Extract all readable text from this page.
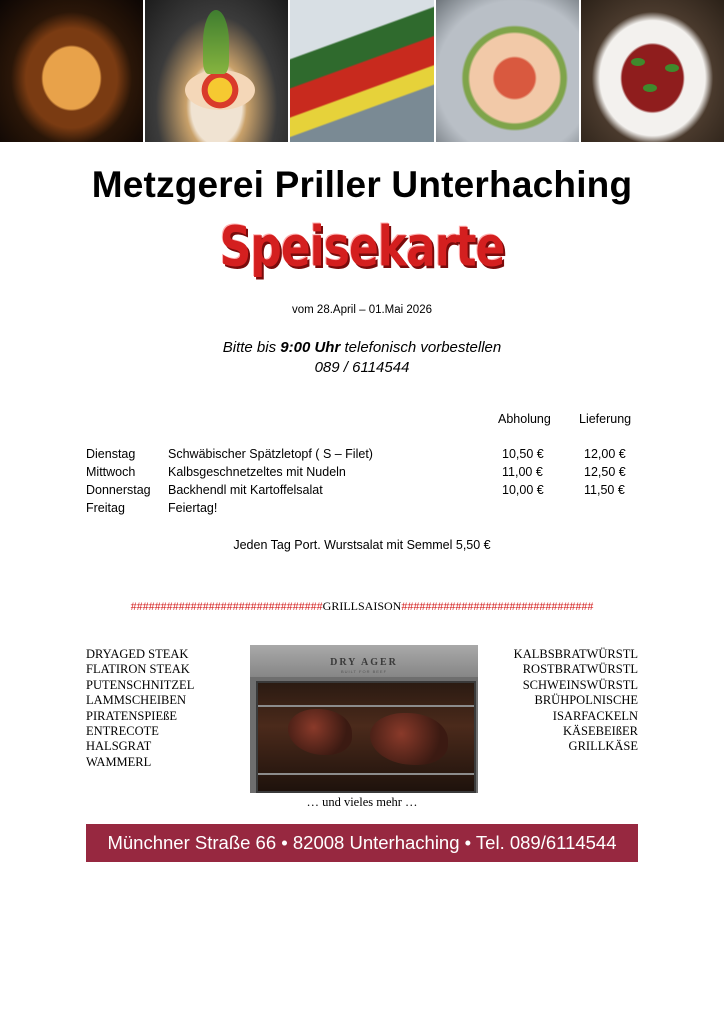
Metzgerei Priller Unterhaching
Speisekarte
vom 28.April – 01.Mai 2026
Bitte bis 9:00 Uhr telefonisch vorbestellen
089 / 6114544
Abholung Lieferung
Dienstag	Schwäbischer Spätzletopf ( S – Filet)	10,50 €	12,00 €
Mittwoch	Kalbsgeschnetzeltes mit Nudeln	11,00 €	12,50 €
Donnerstag Backhendl mit Kartoffelsalat	10,00 €	11,50 €
Freitag	Feiertag!
Jeden Tag Port. Wurstsalat mit Semmel 5,50 €
################################GRILLSAISON################################
DRYAGED STEAK
FLATIRON STEAK
PUTENSCHNITZEL
LAMMSCHEIBEN
PIRATENSPIEßE
ENTRECOTE
HALSGRAT
WAMMERL
DRY AGER
BUILT FOR BEEF
KALBSBRATWÜRSTL
ROSTBRATWÜRSTL
SCHWEINSWÜRSTL
BRÜHPOLNISCHE
ISARFACKELN
KÄSEBEIßER
GRILLKÄSE
… und vieles mehr …
Münchner Straße 66 • 82008 Unterhaching • Tel. 089/6114544
